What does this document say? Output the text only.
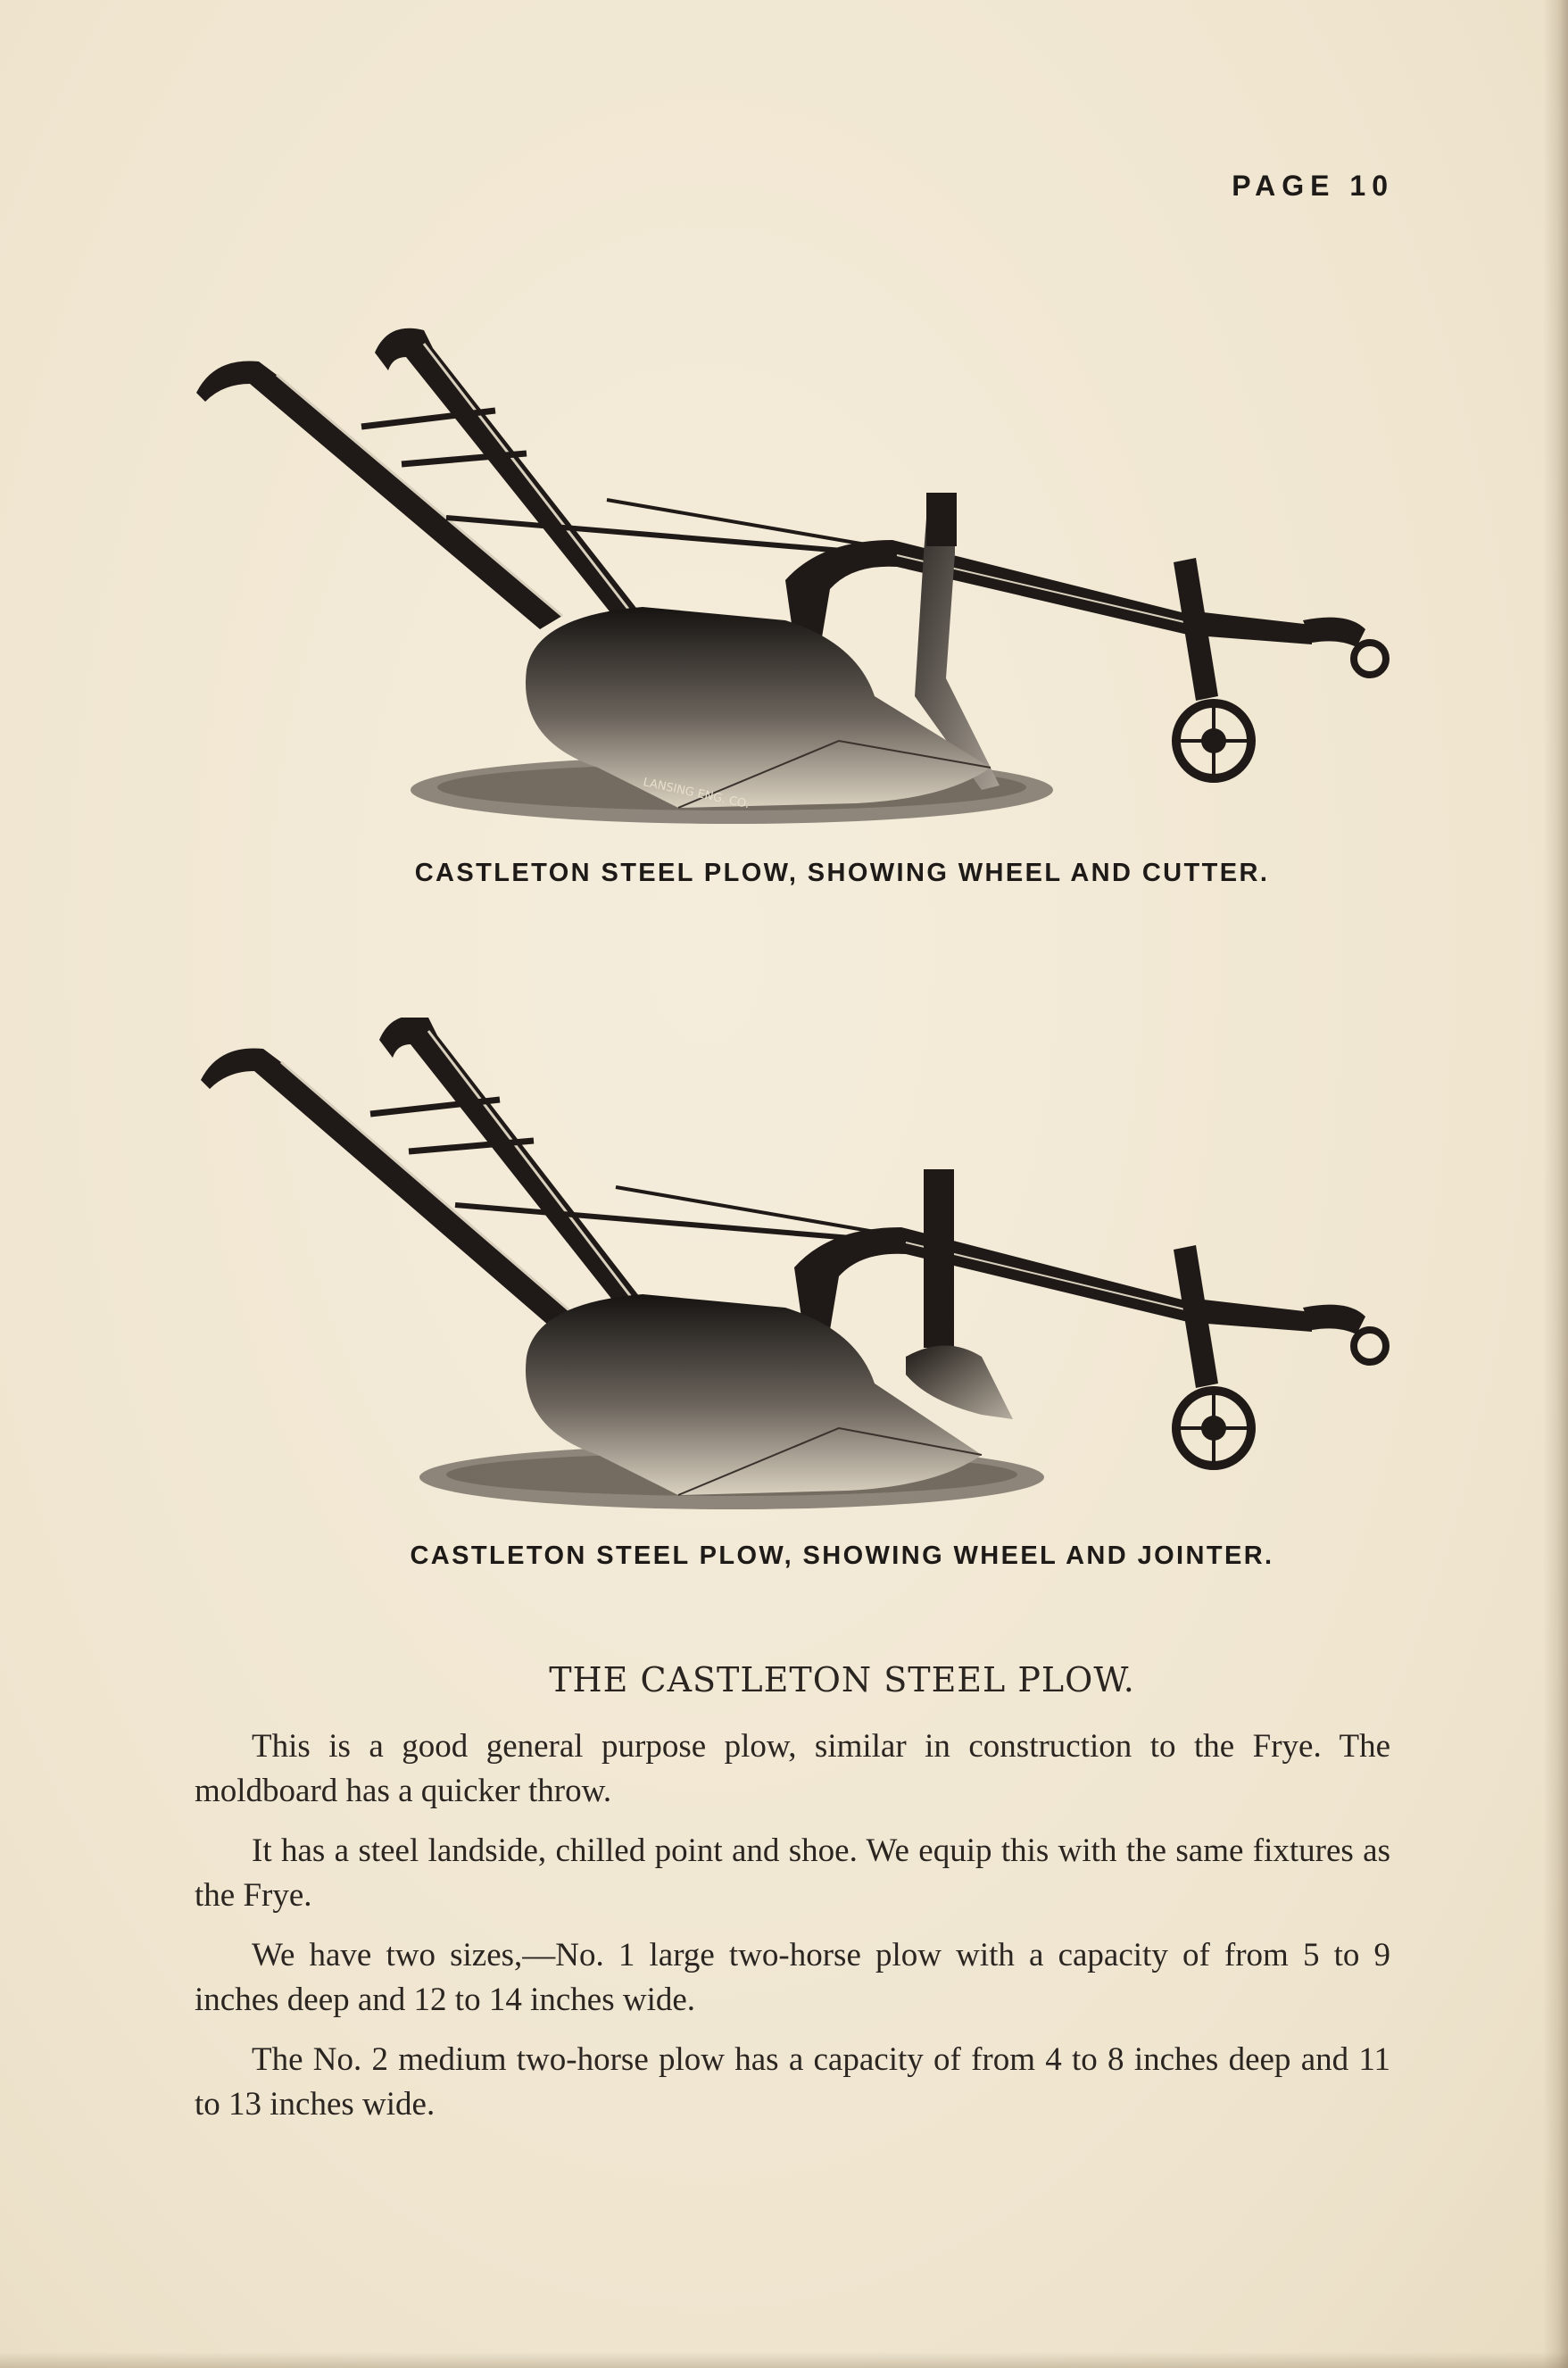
PAGE 10
LANSING ENG. CO.
CASTLETON STEEL PLOW, SHOWING WHEEL AND CUTTER.
CASTLETON STEEL PLOW, SHOWING WHEEL AND JOINTER.
THE CASTLETON STEEL PLOW.

This is a good general purpose plow, similar in construction to the Frye. The moldboard has a quicker throw.

It has a steel landside, chilled point and shoe. We equip this with the same fixtures as the Frye.

We have two sizes,—No. 1 large two-horse plow with a capacity of from 5 to 9 inches deep and 12 to 14 inches wide.

The No. 2 medium two-horse plow has a capacity of from 4 to 8 inches deep and 11 to 13 inches wide.
